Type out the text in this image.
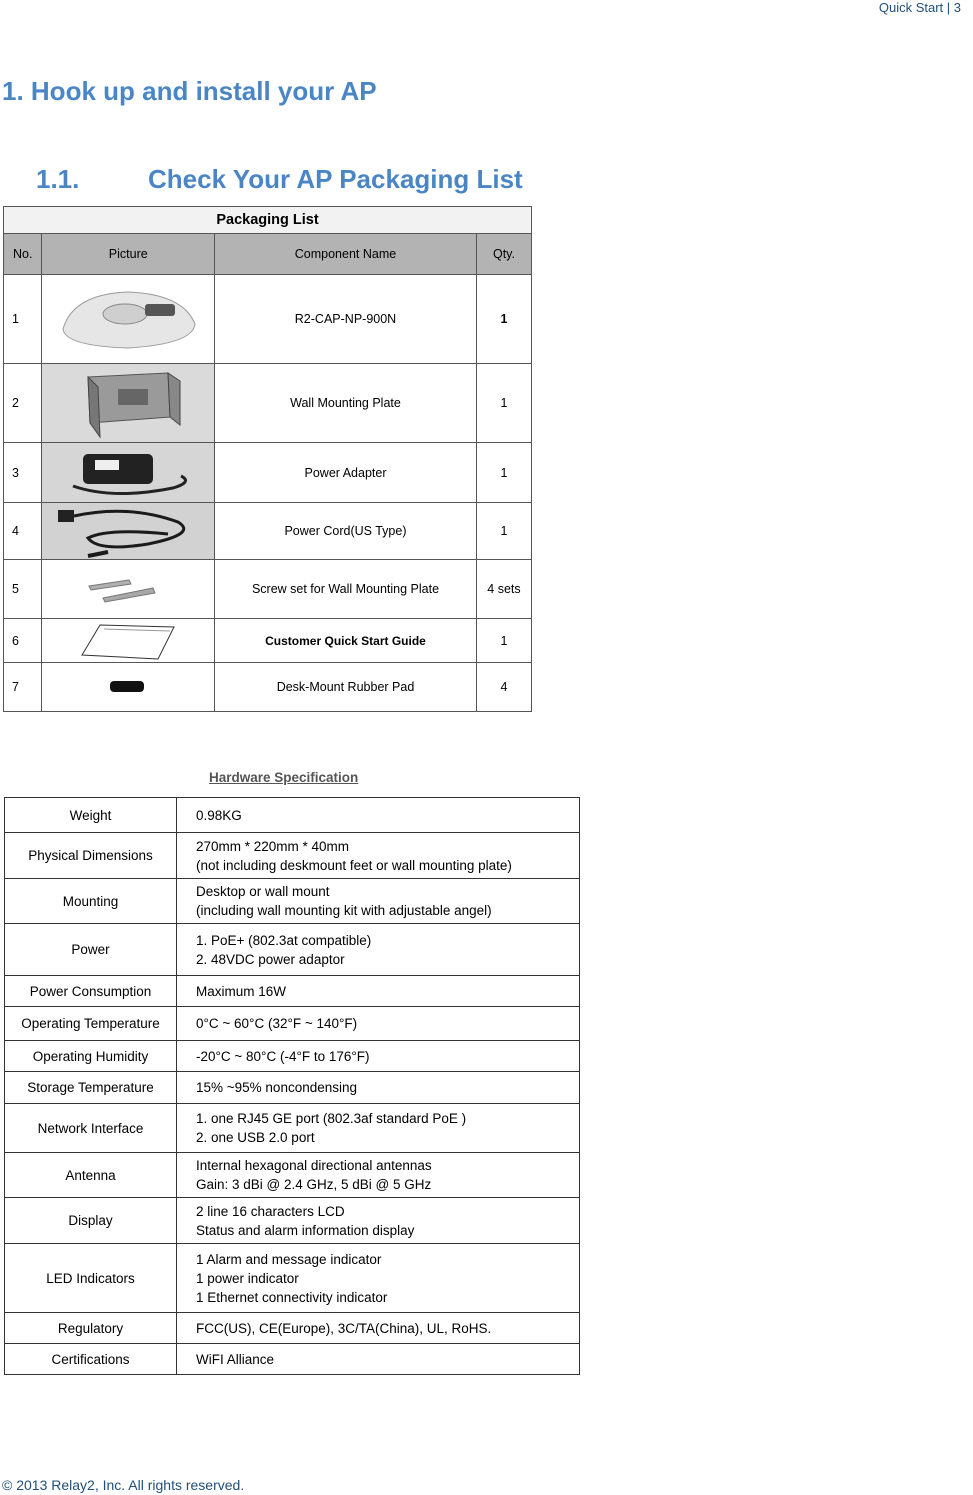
Quick Start | 3
1. Hook up and install your AP
1.1.	Check Your AP Packaging List
Packaging List			
No.	Picture	Component Name	Qty.
1		R2-CAP-NP-900N	1
2		Wall Mounting Plate	1
3		Power Adapter	1
4		Power Cord(US Type)	1
5		Screw set for Wall Mounting Plate	4 sets
6		Customer Quick Start Guide	1
7		Desk-Mount Rubber Pad	4
Hardware Specification
Weight	0.98KG

Physical Dimensions	270mm * 220mm * 40mm
(not including deskmount feet or wall mounting plate)

Mounting	Desktop or wall mount
(including wall mounting kit with adjustable angel)

Power	1. PoE+ (802.3at compatible)
2. 48VDC power adaptor

Power Consumption	Maximum 16W

Operating Temperature	0°C ~ 60°C (32°F ~ 140°F)

Operating Humidity	-20°C ~ 80°C (-4°F to 176°F)

Storage Temperature	15% ~95% noncondensing

Network Interface	1. one RJ45 GE port (802.3af standard PoE )
2. one USB 2.0 port

Antenna	Internal hexagonal directional antennas
Gain: 3 dBi @ 2.4 GHz, 5 dBi @ 5 GHz

Display	2 line 16 characters LCD
Status and alarm information display

LED Indicators	1 Alarm and message indicator
1 power indicator
1 Ethernet connectivity indicator

Regulatory	FCC(US), CE(Europe), 3C/TA(China), UL, RoHS.

Certifications	WiFI Alliance
© 2013 Relay2, Inc. All rights reserved.
